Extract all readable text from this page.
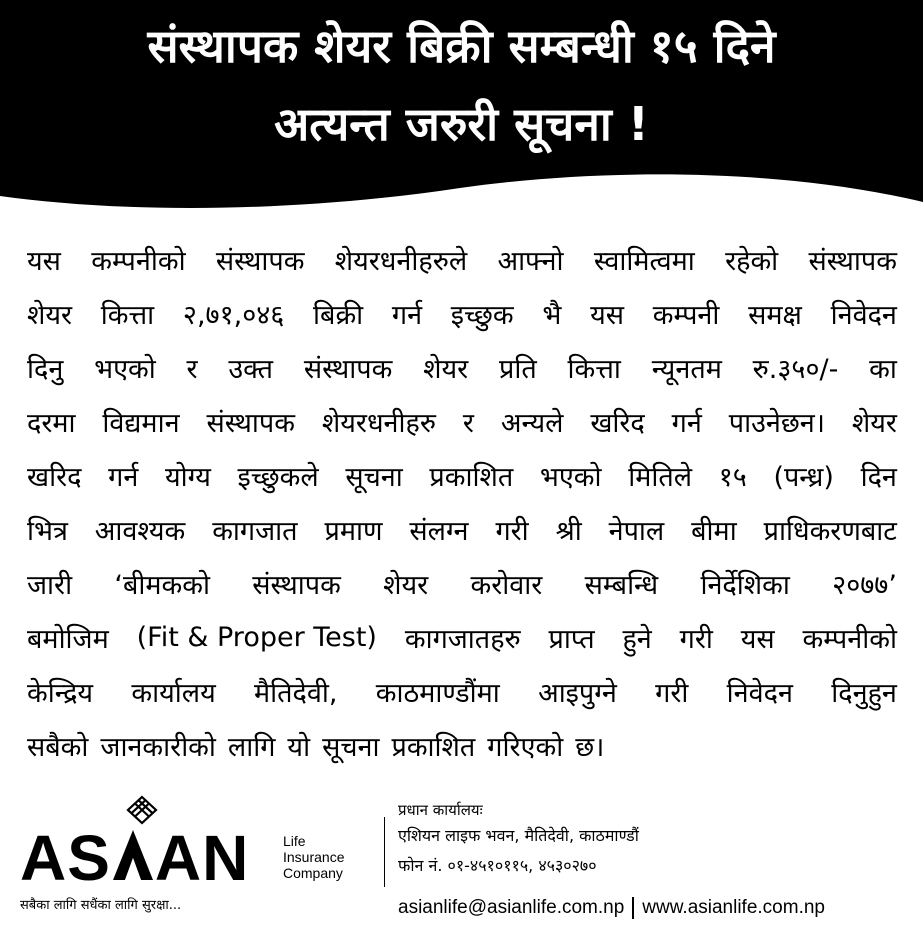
संस्थापक शेयर बिक्री सम्बन्धी १५ दिने
अत्यन्त जरुरी सूचना !
यस कम्पनीको संस्थापक शेयरधनीहरुले आफ्नो स्वामित्वमा रहेको संस्थापक
शेयर कित्ता २,७१,०४६ बिक्री गर्न इच्छुक भै यस कम्पनी समक्ष निवेदन
दिनु भएको र उक्त संस्थापक शेयर प्रति कित्ता न्यूनतम रु.३५०/- का
दरमा विद्यमान संस्थापक शेयरधनीहरु र अन्यले खरिद गर्न पाउनेछन। शेयर
खरिद गर्न योग्य इच्छुकले सूचना प्रकाशित भएको मितिले १५ (पन्ध्र) दिन
भित्र आवश्यक कागजात प्रमाण संलग्न गरी श्री नेपाल बीमा प्राधिकरणबाट
जारी ‘बीमकको संस्थापक शेयर करोवार सम्बन्धि निर्देशिका २०७७’
बमोजिम (Fit & Proper Test) कागजातहरु प्राप्त हुने गरी यस कम्पनीको
केन्द्रिय कार्यालय मैतिदेवी, काठमाण्डौंमा आइपुग्ने गरी निवेदन दिनुहुन
सबैको जानकारीको लागि यो सूचना प्रकाशित गरिएको छ।
AS AN Life
Insurance
Company
सबैका लागि सधैंका लागि सुरक्षा...
प्रधान कार्यालयः
एशियन लाइफ भवन, मैतिदेवी, काठमाण्डौं
फोन नं. ०१-४५१०११५, ४५३०२७०
asianlife@asianlife.com.np www.asianlife.com.np
